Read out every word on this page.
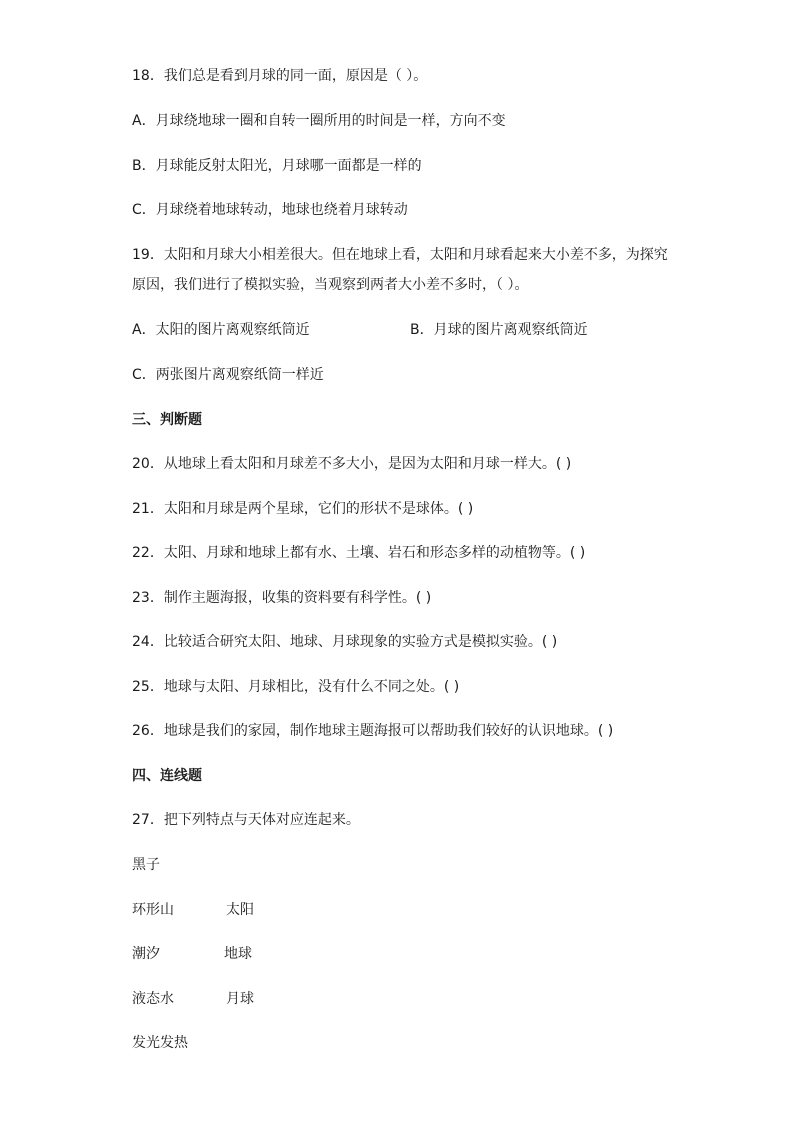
18．我们总是看到月球的同一面，原因是（ ）。
A．月球绕地球一圈和自转一圈所用的时间是一样，方向不变
B．月球能反射太阳光，月球哪一面都是一样的
C．月球绕着地球转动，地球也绕着月球转动
19．太阳和月球大小相差很大。但在地球上看，太阳和月球看起来大小差不多，为探究
原因，我们进行了模拟实验，当观察到两者大小差不多时，（ ）。
A．太阳的图片离观察纸筒近	B．月球的图片离观察纸筒近
C．两张图片离观察纸筒一样近
三、判断题
20．从地球上看太阳和月球差不多大小，是因为太阳和月球一样大。( )
21．太阳和月球是两个星球，它们的形状不是球体。( )
22．太阳、月球和地球上都有水、土壤、岩石和形态多样的动植物等。( )
23．制作主题海报，收集的资料要有科学性。( )
24．比较适合研究太阳、地球、月球现象的实验方式是模拟实验。( )
25．地球与太阳、月球相比，没有什么不同之处。( )
26．地球是我们的家园，制作地球主题海报可以帮助我们较好的认识地球。( )
四、连线题
27．把下列特点与天体对应连起来。
黑子
环形山	太阳
潮汐	地球
液态水	月球
发光发热
